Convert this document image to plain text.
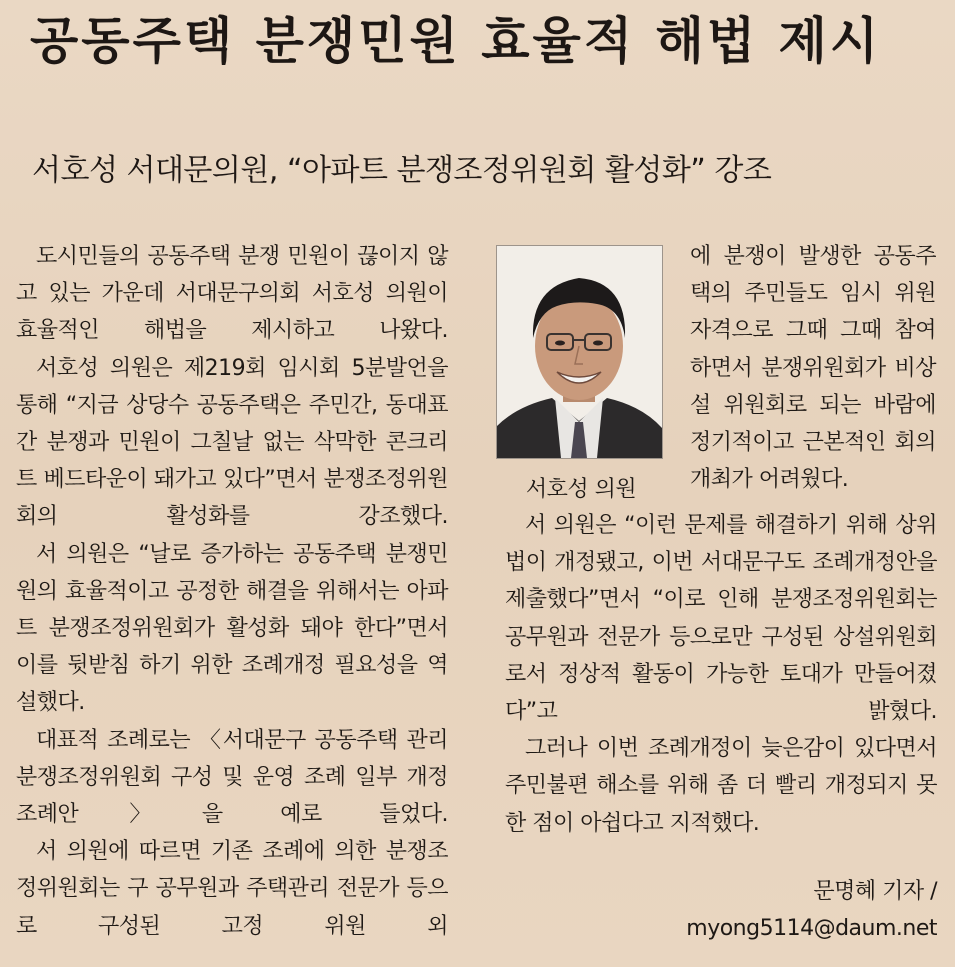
공동주택 분쟁민원 효율적 해법 제시
서호성 서대문의원, “아파트 분쟁조정위원회 활성화” 강조

도시민들의 공동주택 분쟁 민원이 끊이지 않고 있는 가운데 서대문구의회 서호성 의원이 효율적인 해법을 제시하고 나왔다.

서호성 의원은 제219회 임시회 5분발언을 통해 “지금 상당수 공동주택은 주민간, 동대표간 분쟁과 민원이 그칠날 없는 삭막한 콘크리트 베드타운이 돼가고 있다”면서 분쟁조정위원회의 활성화를 강조했다.

서 의원은 “날로 증가하는 공동주택 분쟁민원의 효율적이고 공정한 해결을 위해서는 아파트 분쟁조정위원회가 활성화 돼야 한다”면서 이를 뒷받침 하기 위한 조례개정 필요성을 역설했다.

대표적 조례로는 〈서대문구 공동주택 관리 분쟁조정위원회 구성 및 운영 조례 일부 개정조례안〉을 예로 들었다.

서 의원에 따르면 기존 조례에 의한 분쟁조정위원회는 구 공무원과 주택관리 전문가 등으로 구성된 고정 위원 외

서호성 의원

에 분쟁이 발생한 공동주택의 주민들도 임시 위원 자격으로 그때 그때 참여하면서 분쟁위원회가 비상설 위원회로 되는 바람에 정기적이고 근본적인 회의개최가 어려웠다.

서 의원은 “이런 문제를 해결하기 위해 상위법이 개정됐고, 이번 서대문구도 조례개정안을 제출했다”면서 “이로 인해 분쟁조정위원회는 공무원과 전문가 등으로만 구성된 상설위원회로서 정상적 활동이 가능한 토대가 만들어졌다”고 밝혔다.

그러나 이번 조례개정이 늦은감이 있다면서 주민불편 해소를 위해 좀 더 빨리 개정되지 못한 점이 아쉽다고 지적했다.

문명혜 기자 /
myong5114@daum.net
